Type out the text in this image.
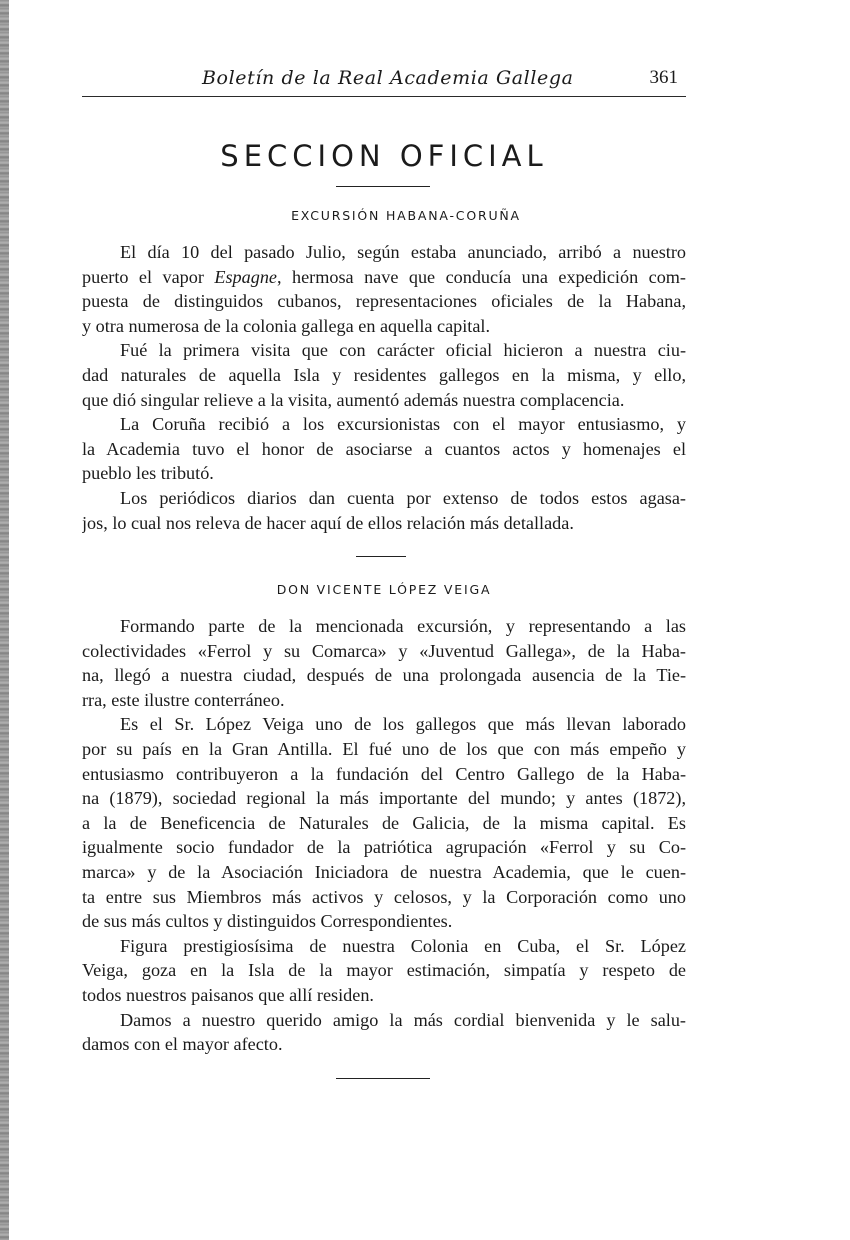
Boletín de la Real Academia Gallega	361
SECCION OFICIAL
EXCURSIÓN HABANA-CORUÑA
El día 10 del pasado Julio, según estaba anunciado, arribó a nuestro
puerto el vapor Espagne, hermosa nave que conducía una expedición com-
puesta de distinguidos cubanos, representaciones oficiales de la Habana,
y otra numerosa de la colonia gallega en aquella capital.
Fué la primera visita que con carácter oficial hicieron a nuestra ciu-
dad naturales de aquella Isla y residentes gallegos en la misma, y ello,
que dió singular relieve a la visita, aumentó además nuestra complacencia.
La Coruña recibió a los excursionistas con el mayor entusiasmo, y
la Academia tuvo el honor de asociarse a cuantos actos y homenajes el
pueblo les tributó.
Los periódicos diarios dan cuenta por extenso de todos estos agasa-
jos, lo cual nos releva de hacer aquí de ellos relación más detallada.
DON VICENTE LÓPEZ VEIGA
Formando parte de la mencionada excursión, y representando a las
colectividades «Ferrol y su Comarca» y «Juventud Gallega», de la Haba-
na, llegó a nuestra ciudad, después de una prolongada ausencia de la Tie-
rra, este ilustre conterráneo.
Es el Sr. López Veiga uno de los gallegos que más llevan laborado
por su país en la Gran Antilla. El fué uno de los que con más empeño y
entusiasmo contribuyeron a la fundación del Centro Gallego de la Haba-
na (1879), sociedad regional la más importante del mundo; y antes (1872),
a la de Beneficencia de Naturales de Galicia, de la misma capital. Es
igualmente socio fundador de la patriótica agrupación «Ferrol y su Co-
marca» y de la Asociación Iniciadora de nuestra Academia, que le cuen-
ta entre sus Miembros más activos y celosos, y la Corporación como uno
de sus más cultos y distinguidos Correspondientes.
Figura prestigiosísima de nuestra Colonia en Cuba, el Sr. López
Veiga, goza en la Isla de la mayor estimación, simpatía y respeto de
todos nuestros paisanos que allí residen.
Damos a nuestro querido amigo la más cordial bienvenida y le salu-
damos con el mayor afecto.
